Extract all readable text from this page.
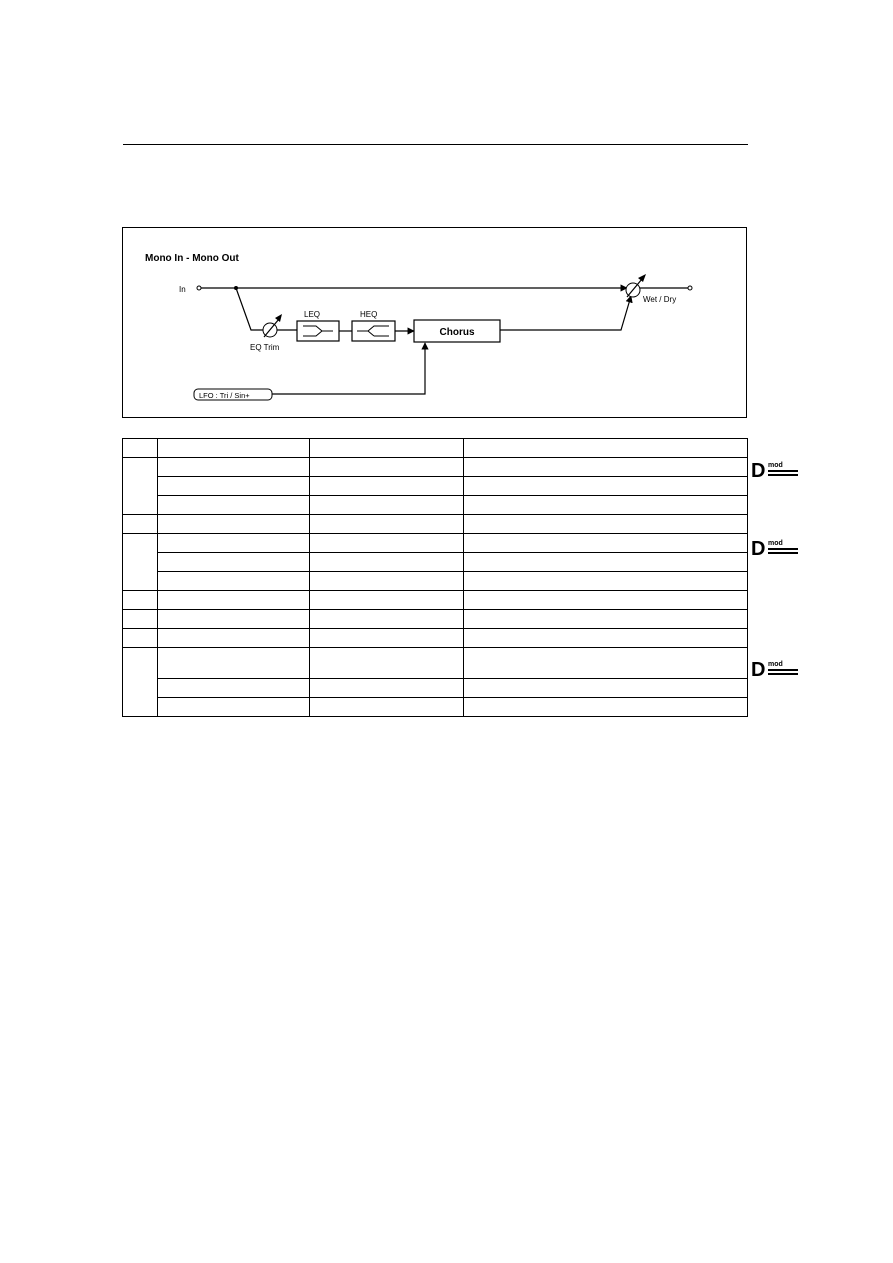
Mono In - Mono Out
In
EQ Trim
LEQ	HEQ
Chorus
Wet / Dry
LFO : Tri / Sin+

D mod
D mod
D mod
